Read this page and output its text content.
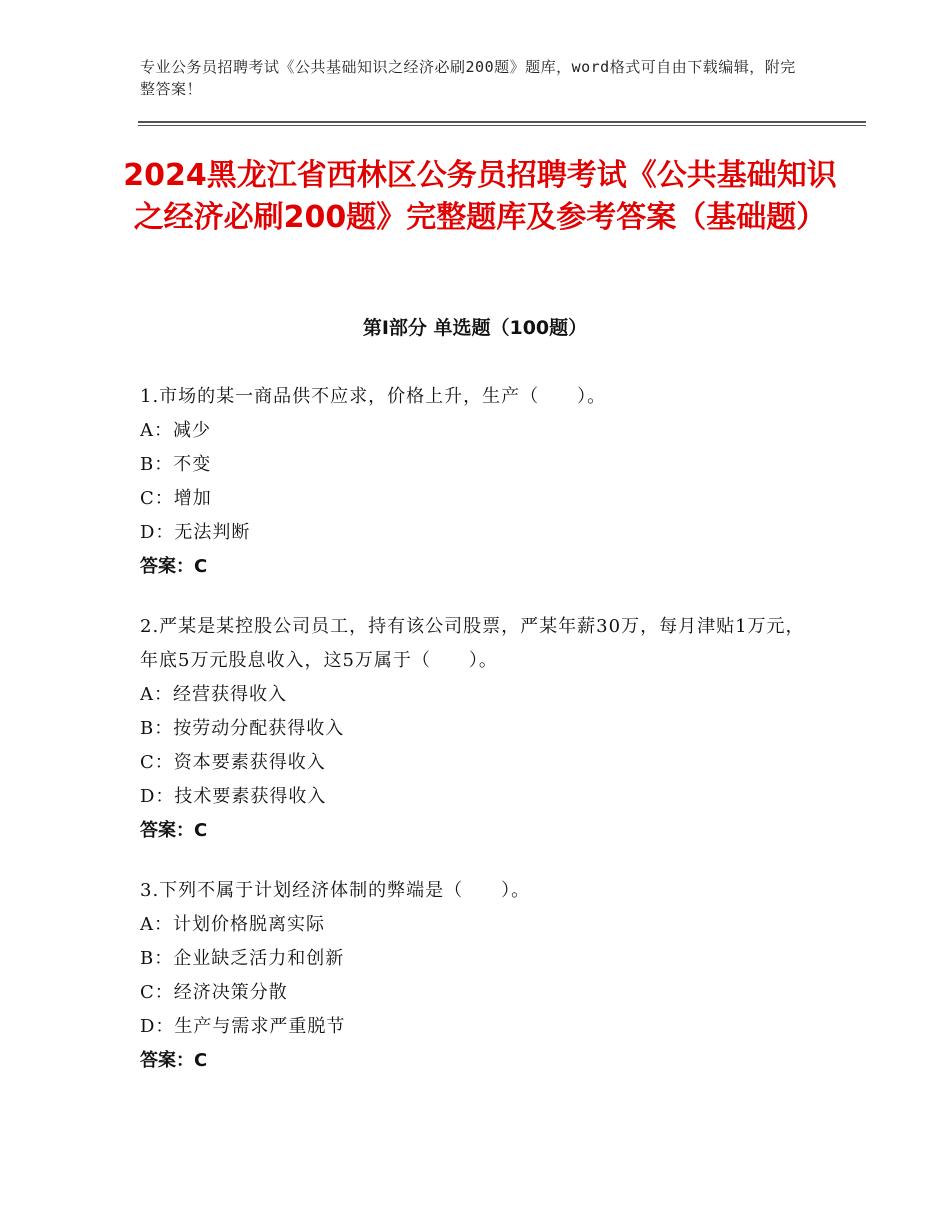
专业公务员招聘考试《公共基础知识之经济必刷200题》题库，word格式可自由下载编辑，附完整答案！
2024黑龙江省西林区公务员招聘考试《公共基础知识之经济必刷200题》完整题库及参考答案（基础题）
第Ⅰ部分 单选题（100题）

1.市场的某一商品供不应求，价格上升，生产（　　）。

A：减少

B：不变

C：增加

D：无法判断

答案：C

2.严某是某控股公司员工，持有该公司股票，严某年薪30万，每月津贴1万元，年底5万元股息收入，这5万属于（　　）。

A：经营获得收入

B：按劳动分配获得收入

C：资本要素获得收入

D：技术要素获得收入

答案：C

3.下列不属于计划经济体制的弊端是（　　）。

A：计划价格脱离实际

B：企业缺乏活力和创新

C：经济决策分散

D：生产与需求严重脱节

答案：C
